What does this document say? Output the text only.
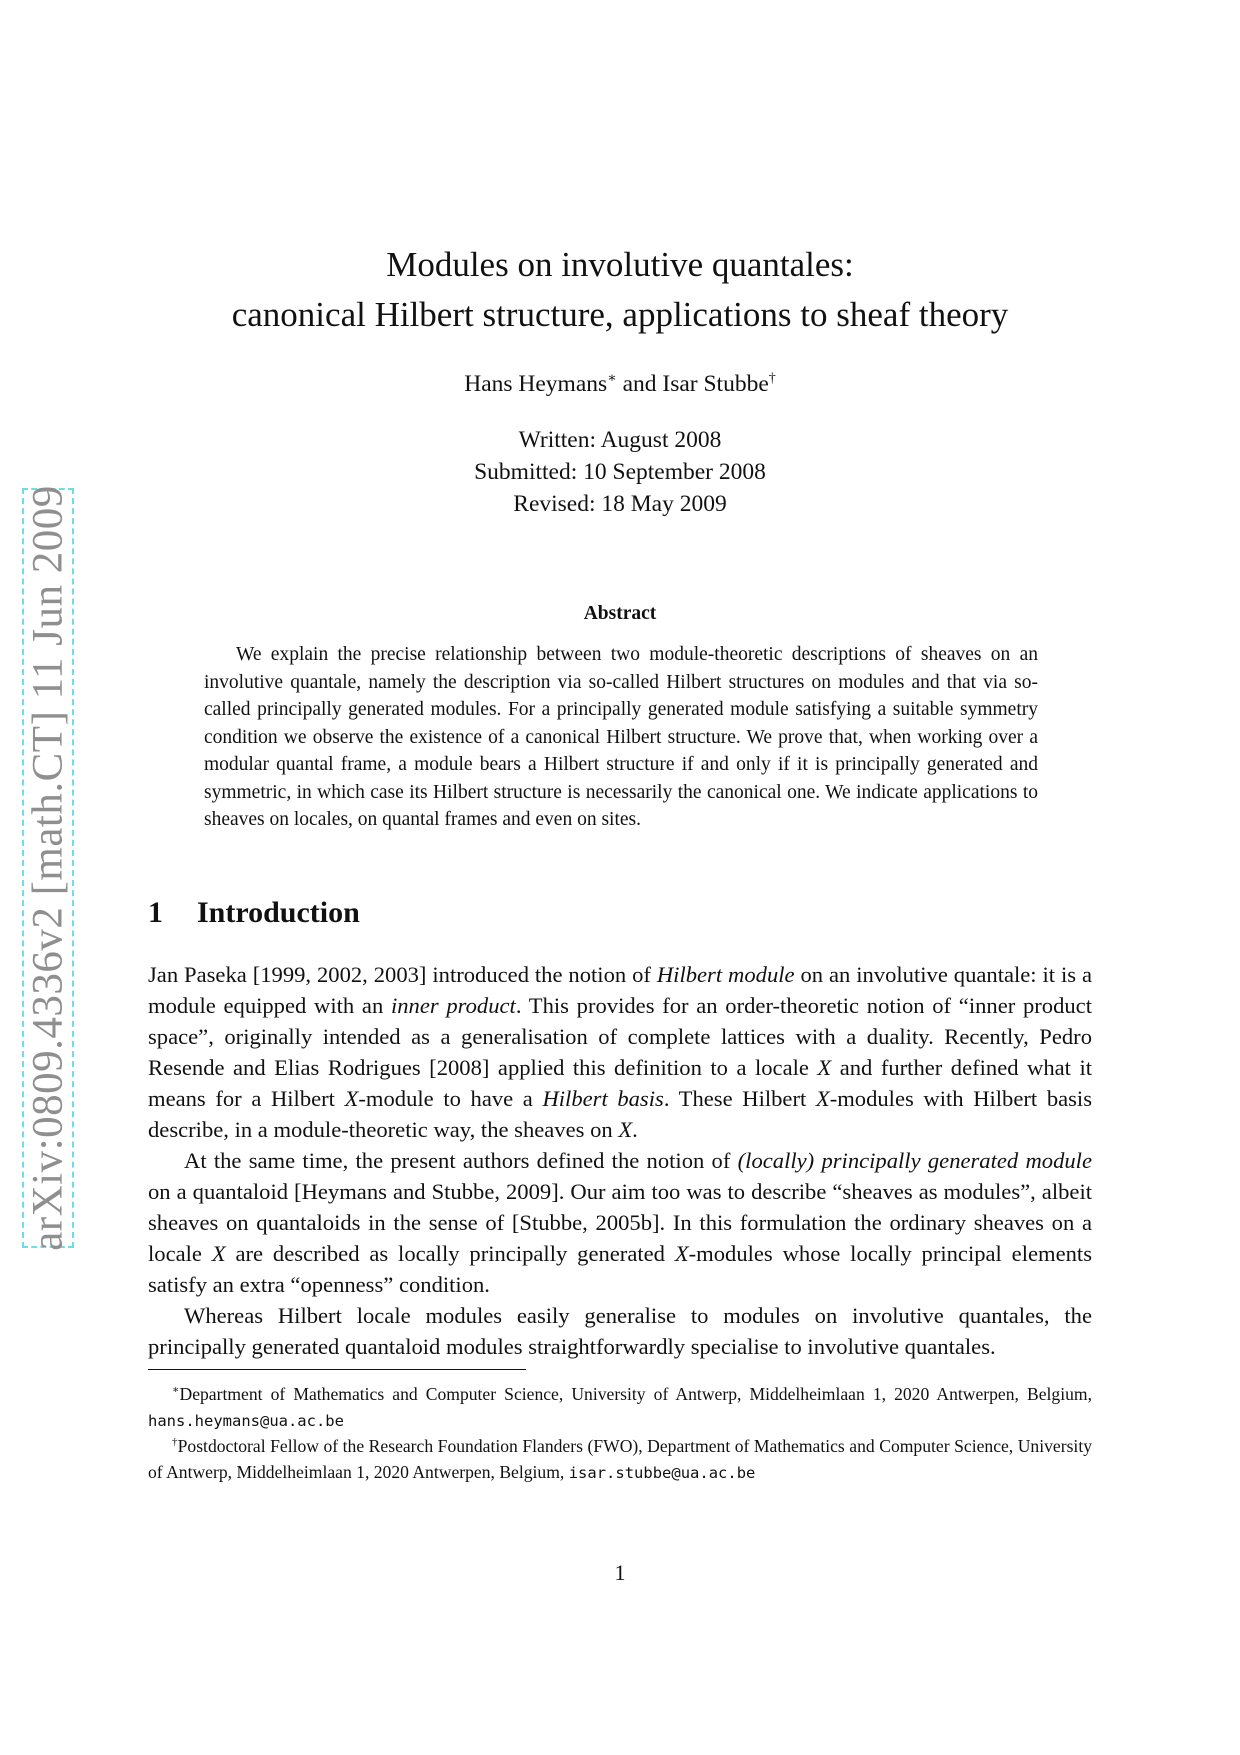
arXiv:0809.4336v2 [math.CT] 11 Jun 2009
Modules on involutive quantales:
canonical Hilbert structure, applications to sheaf theory
Hans Heymans∗ and Isar Stubbe†
Written: August 2008
Submitted: 10 September 2008
Revised: 18 May 2009
Abstract
We explain the precise relationship between two module-theoretic descriptions of sheaves on an involutive quantale, namely the description via so-called Hilbert structures on modules and that via so-called principally generated modules. For a principally generated module satisfying a suitable symmetry condition we observe the existence of a canonical Hilbert structure. We prove that, when working over a modular quantal frame, a module bears a Hilbert structure if and only if it is principally generated and symmetric, in which case its Hilbert structure is necessarily the canonical one. We indicate applications to sheaves on locales, on quantal frames and even on sites.
1 Introduction

Jan Paseka [1999, 2002, 2003] introduced the notion of Hilbert module on an involutive quantale: it is a module equipped with an inner product. This provides for an order-theoretic notion of “inner product space”, originally intended as a generalisation of complete lattices with a duality. Recently, Pedro Resende and Elias Rodrigues [2008] applied this definition to a locale X and further defined what it means for a Hilbert X-module to have a Hilbert basis. These Hilbert X-modules with Hilbert basis describe, in a module-theoretic way, the sheaves on X.

At the same time, the present authors defined the notion of (locally) principally generated module on a quantaloid [Heymans and Stubbe, 2009]. Our aim too was to describe “sheaves as modules”, albeit sheaves on quantaloids in the sense of [Stubbe, 2005b]. In this formulation the ordinary sheaves on a locale X are described as locally principally generated X-modules whose locally principal elements satisfy an extra “openness” condition.

Whereas Hilbert locale modules easily generalise to modules on involutive quantales, the principally generated quantaloid modules straightforwardly specialise to involutive quantales.

∗Department of Mathematics and Computer Science, University of Antwerp, Middelheimlaan 1, 2020 Antwerpen, Belgium, hans.heymans@ua.ac.be

†Postdoctoral Fellow of the Research Foundation Flanders (FWO), Department of Mathematics and Computer Science, University of Antwerp, Middelheimlaan 1, 2020 Antwerpen, Belgium, isar.stubbe@ua.ac.be

1
